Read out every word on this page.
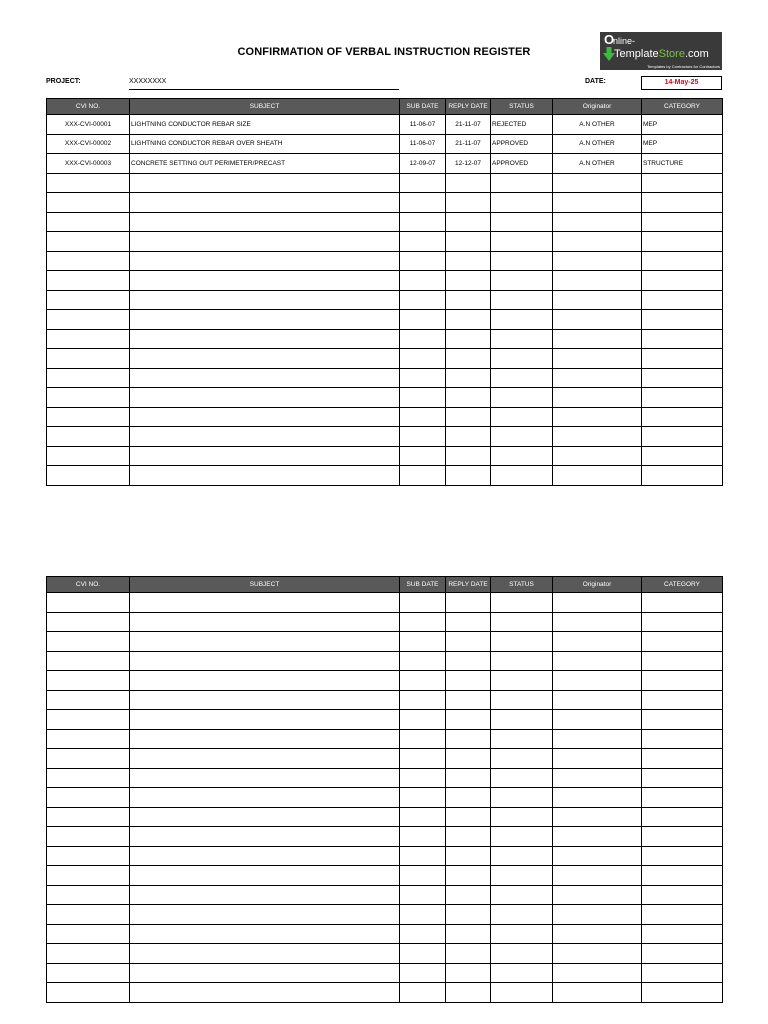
CONFIRMATION OF VERBAL INSTRUCTION REGISTER
O
nline-
TemplateStore.com
Templates by Contractors for Contractors
PROJECT:	XXXXXXXX	DATE:	14-May-25
CVI NO.	SUBJECT	SUB DATE	REPLY DATE	STATUS	Originator	CATEGORY
XXX-CVI-00001	LIGHTNING CONDUCTOR REBAR SIZE	11-06-07	21-11-07	REJECTED	A.N OTHER	MEP
XXX-CVI-00002	LIGHTNING CONDUCTOR REBAR OVER SHEATH	11-06-07	21-11-07	APPROVED	A.N OTHER	MEP
XXX-CVI-00003	CONCRETE SETTING OUT PERIMETER/PRECAST	12-09-07	12-12-07	APPROVED	A.N OTHER	STRUCTURE

CVI NO.	SUBJECT	SUB DATE	REPLY DATE	STATUS	Originator	CATEGORY
